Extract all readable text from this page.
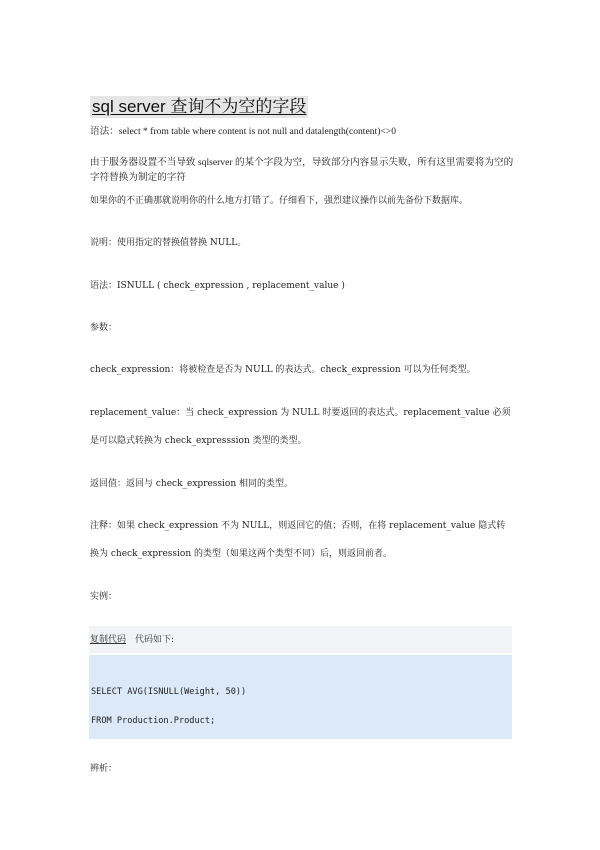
sql server 查询不为空的字段
语法：select * from table where content is not null and datalength(content)<>0
由于服务器设置不当导致 sqlserver 的某个字段为空，导致部分内容显示失败，所有这里需要将为空的
字符替换为制定的字符
如果你的不正确那就说明你的什么地方打错了。仔细看下，强烈建议操作以前先备份下数据库。
说明：使用指定的替换值替换 NULL。
语法：ISNULL ( check_expression , replacement_value )
参数：
check_expression：将被检查是否为 NULL 的表达式。check_expression 可以为任何类型。
replacement_value：当 check_expression 为 NULL 时要返回的表达式。replacement_value 必须
是可以隐式转换为 check_expresssion 类型的类型。
返回值：返回与 check_expression 相同的类型。
注释：如果 check_expression 不为 NULL，则返回它的值；否则，在将 replacement_value 隐式转
换为 check_expression 的类型（如果这两个类型不同）后，则返回前者。
实例：
复制代码 代码如下:
SELECT AVG(ISNULL(Weight, 50))
FROM Production.Product;
辨析：
